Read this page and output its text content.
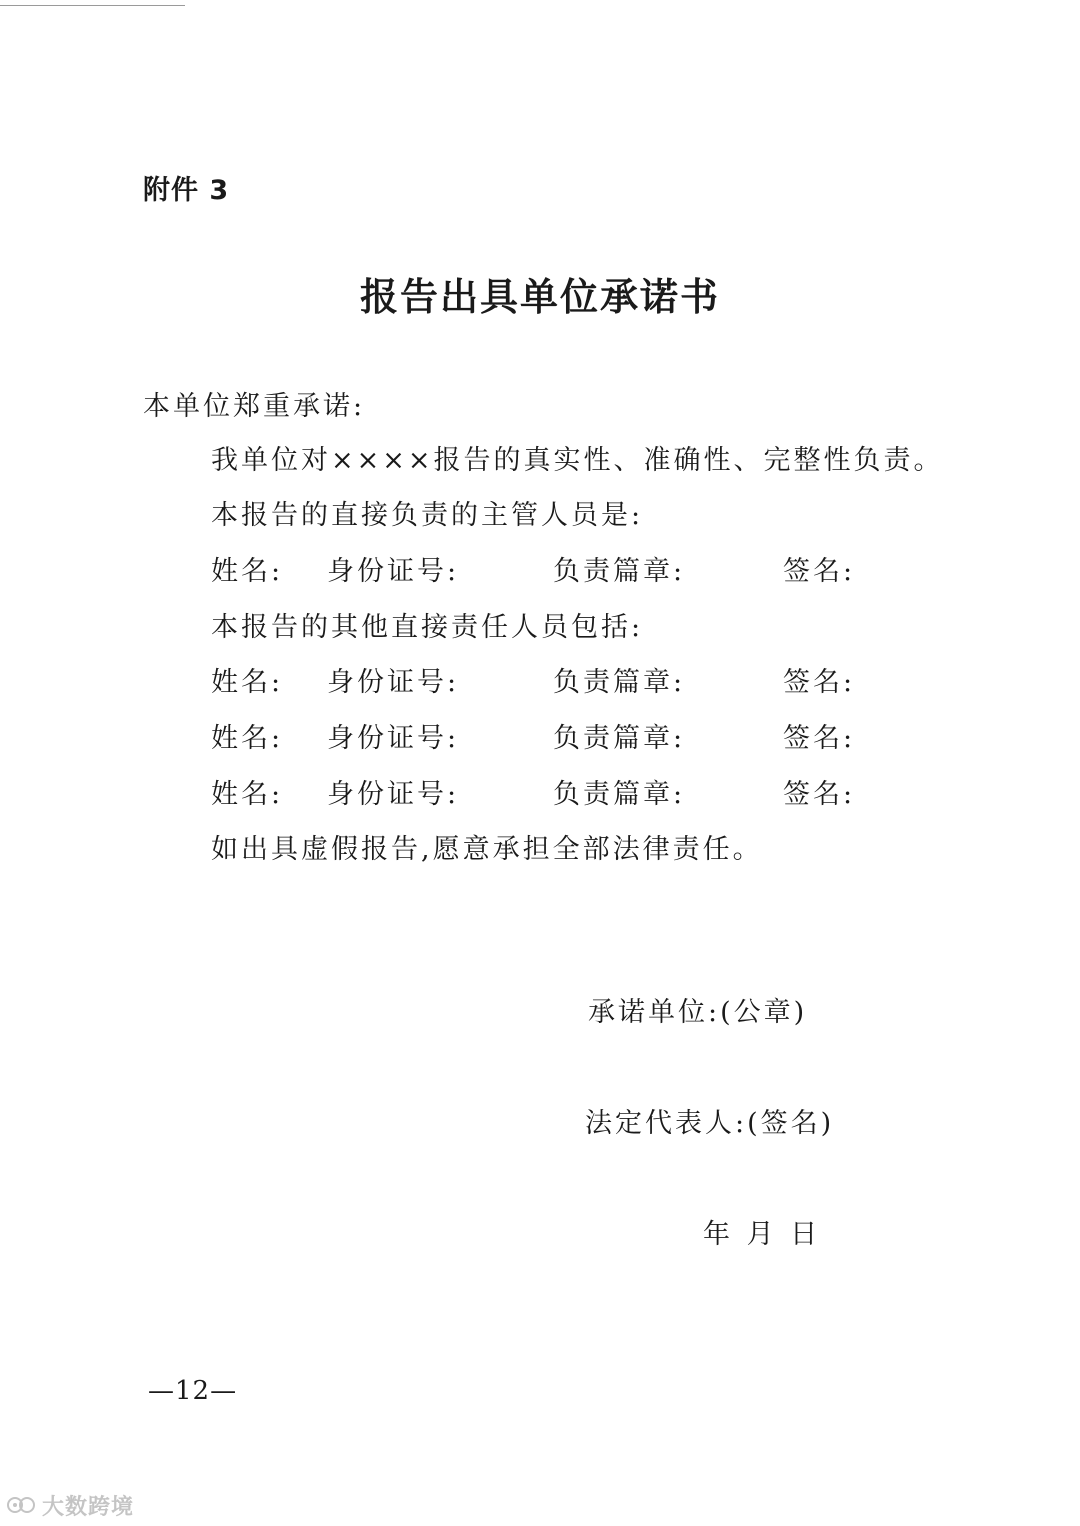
附件 3
报告出具单位承诺书
本单位郑重承诺:
我单位对××××报告的真实性、准确性、完整性负责。
本报告的直接负责的主管人员是:
姓名: 身份证号:	负责篇章:	签名:
本报告的其他直接责任人员包括:
姓名: 身份证号:	负责篇章:	签名:
姓名: 身份证号:	负责篇章:	签名:
姓名: 身份证号:	负责篇章:	签名:
如出具虚假报告,愿意承担全部法律责任。
承诺单位:(公章)
法定代表人:(签名)
年 月 日
—12—
大数跨境
